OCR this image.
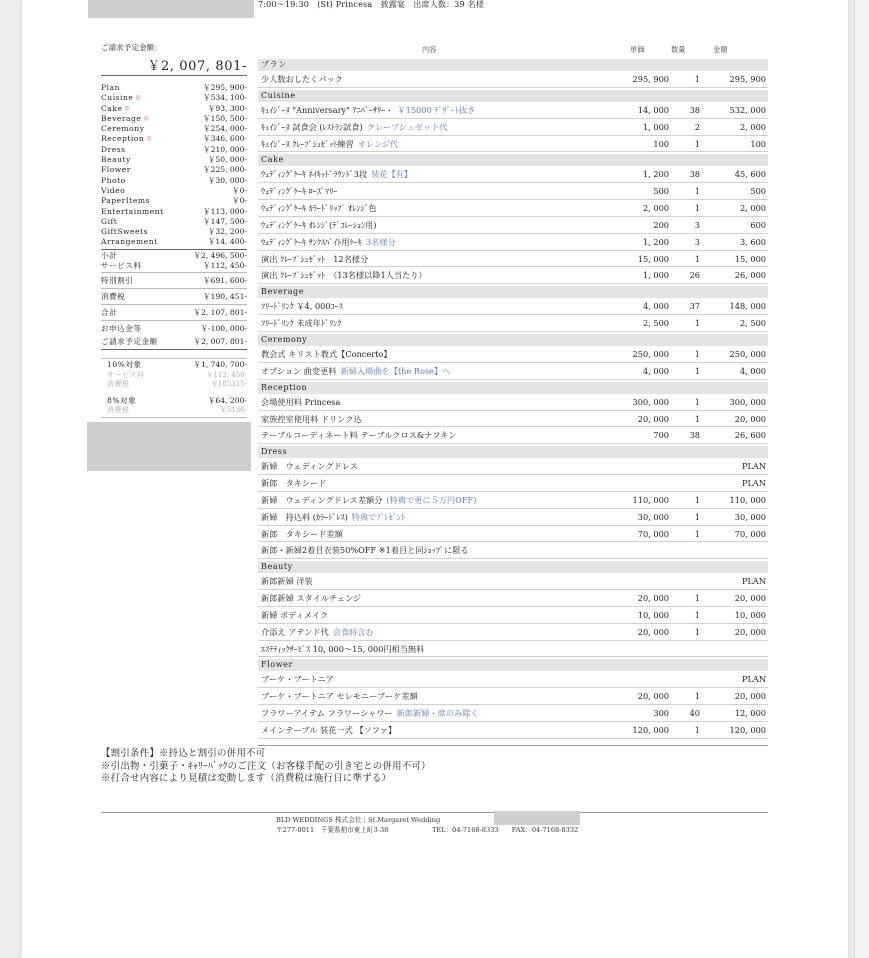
7:00〜19:30　(St) Princesa　披露宴　出席人数：39 名様
ご請求予定金額：
￥2, 007, 801-
Plan	￥295, 900-
Cuisine ◎	￥534, 100-
Cake ◎	￥93, 300-
Beverage ◎	￥150, 500-
Ceremony	￥254, 000-
Reception ◎	￥346, 600-
Dress	￥210, 000-
Beauty	￥50, 000-
Flower	￥225, 000-
Photo	￥30, 000-
Video	￥0-
PaperItems	￥0-
Entertainment	￥113, 000-
Gift	￥147, 500-
GiftSweets	￥32, 200-
Arrangement	￥14, 400-
小計	￥2, 496, 500-
サービス料	￥112, 450-
特別割引	￥691, 600-
消費税	￥190, 451-
合計	￥2, 107, 801-
お申込金等	￥-100, 000-
ご請求予定金額	￥2, 007, 801-
10%対象	￥1, 740, 700-
サービス料	￥112, 450-
消費税	￥185315-
8%対象	￥64, 200-
消費税	￥5136-
内容	単価	数量	金額
プラン
少人数おしたくパック	295, 900	1	295, 900
Cuisine
ｷｭｲｼﾞｰﾇ "Anniversary" ｱﾆﾊﾞｰｻﾘｰ・ ￥15000 ﾃﾞｻﾞｰﾄ抜き	14, 000	38	532, 000
ｷｭｲｼﾞｰﾇ 試食会 (ﾚｽﾄﾗﾝ試食) クレープシュゼット代	1, 000	2	2, 000
ｷｭｲｼﾞｰﾇ ｸﾚｰﾌﾟｼｭｾﾞｯﾄ練習 オレンジ代	100	1	100
Cake
ｳｪﾃﾞｨﾝｸﾞｹｰｷ ﾈｲｷｯﾄﾞﾗｳﾝﾄﾞ3段 装花【有】	1, 200	38	45, 600
ｳｪﾃﾞｨﾝｸﾞｹｰｷ ﾛｰｽﾞﾏﾘｰ	500	1	500
ｳｪﾃﾞｨﾝｸﾞｹｰｷ ｶﾗｰﾄﾞﾘｯﾌﾟ ｵﾚﾝｼﾞ色	2, 000	1	2, 000
ｳｪﾃﾞｨﾝｸﾞｹｰｷ ｵﾚﾝｼﾞ(ﾃﾞｺﾚｰｼｮﾝ用)	200	3	600
ｳｪﾃﾞｨﾝｸﾞｹｰｷ ｻﾝｸｽﾊﾞｲﾄ用ｹｰｷ 3名様分	1, 200	3	3, 600
演出 ｸﾚｰﾌﾟｼｭｾﾞｯﾄ　12名様分	15, 000	1	15, 000
演出 ｸﾚｰﾌﾟｼｭｾﾞｯﾄ　（13名様以降1人当たり）	1, 000	26	26, 000
Beverage
ﾌﾘｰﾄﾞﾘﾝｸ ￥4, 000ｺｰｽ	4, 000	37	148, 000
ﾌﾘｰﾄﾞﾘﾝｸ 未成年ﾄﾞﾘﾝｸ	2, 500	1	2, 500
Ceremony
教会式 キリスト教式【Concerto】	250, 000	1	250, 000
オプション 曲変更料 新婦入場曲を【the Rose】へ	4, 000	1	4, 000
Reception
会場使用料 Princesa	300, 000	1	300, 000
家族控室使用料 ドリンク込	20, 000	1	20, 000
テーブルコーディネート料 テーブルクロス&ナフキン	700	38	26, 600
Dress
新婦　ウェディングドレス	PLAN
新郎　タキシード	PLAN
新婦　ウェディングドレス差額分 (特典で更に５万円OFF)	110, 000	1	110, 000
新婦　持込料 (ｶﾗｰﾄﾞﾚｽ) 特典でﾌﾟﾚｾﾞﾝﾄ	30, 000	1	30, 000
新郎　タキシード差額	70, 000	1	70, 000
新郎・新婦2着目衣装50%OFF ※1着目と同ｼｮｯﾌﾟに限る
Beauty
新郎新婦 洋装	PLAN
新郎新婦 スタイルチェンジ	20, 000	1	20, 000
新婦 ボディメイク	10, 000	1	10, 000
介添え アテンド代 会食時含む	20, 000	1	20, 000
ｴｽﾃﾃｨｯｸｻｰﾋﾞｽ 10, 000〜15, 000円相当無料
Flower
ブーケ・ブートニア	PLAN
ブーケ・ブートニア セレモニーブーケ差額	20, 000	1	20, 000
フラワーアイテム フラワーシャワー 新郎新婦・席のみ除く	300	40	12, 000
メインテーブル 装花一式 【ソファ】	120, 000	1	120, 000
【割引条件】※持込と割引の併用不可
※引出物・引菓子・ｷｬﾘｰﾊﾞｯｸのご注文（お客様手配の引き宅との併用不可）
※打合せ内容により見積は変動します（消費税は施行日に準ずる）
BLD WEDDINGS 株式会社｜St.Margaret Wedding
〒277-0011　千葉県柏市東上町3-38	TEL：04-7168-8333　　FAX：04-7168-8332
